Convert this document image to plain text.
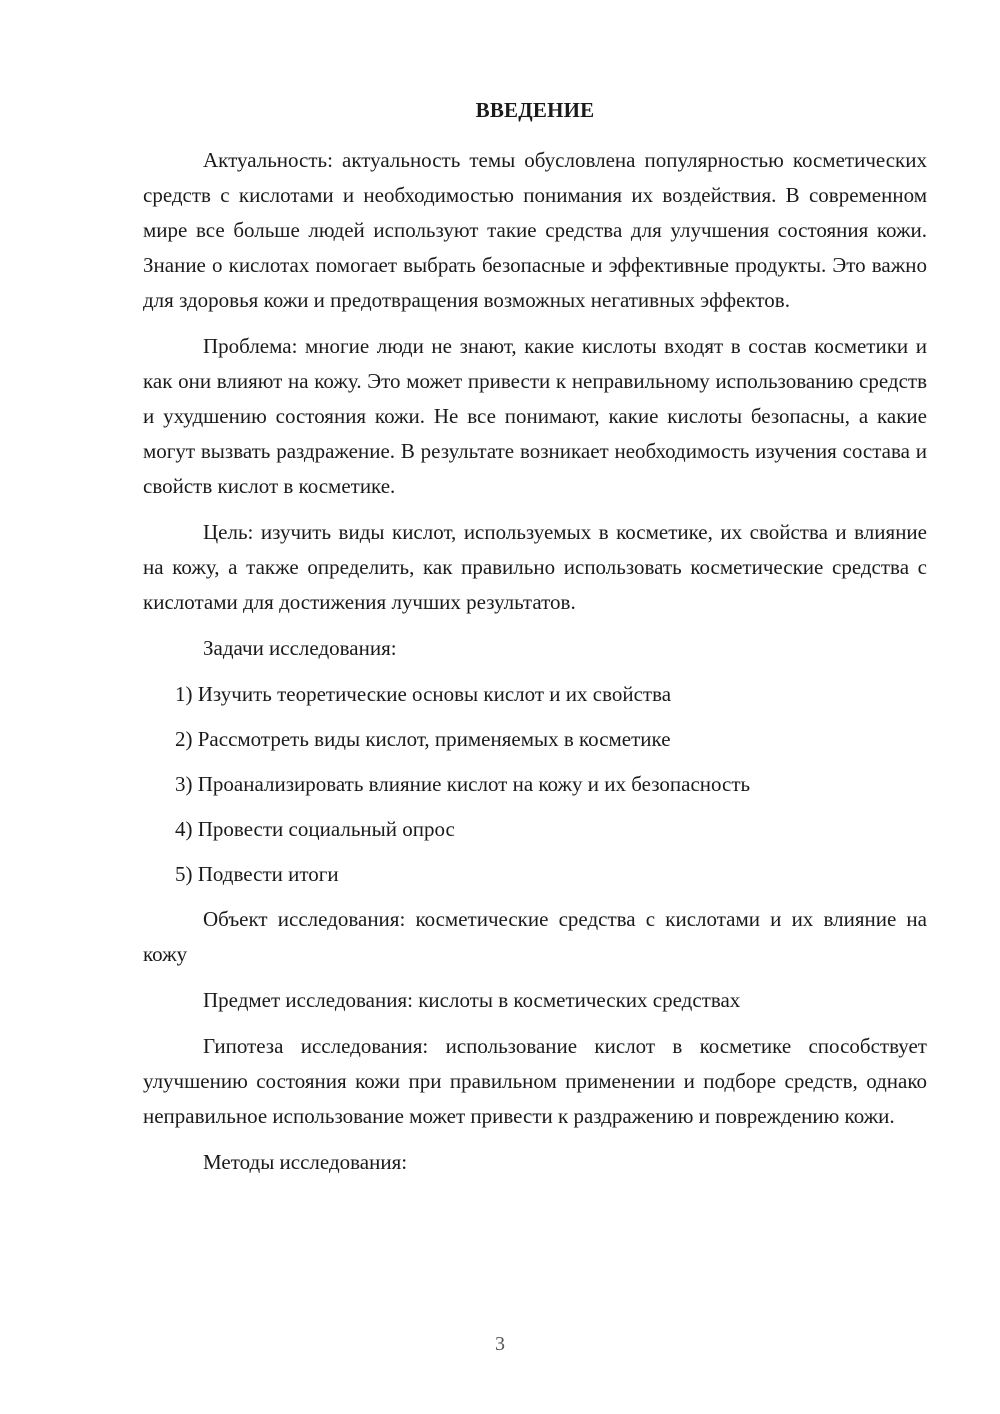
ВВЕДЕНИЕ

Актуальность: актуальность темы обусловлена популярностью косметических средств с кислотами и необходимостью понимания их воздействия. В современном мире все больше людей используют такие средства для улучшения состояния кожи. Знание о кислотах помогает выбрать безопасные и эффективные продукты. Это важно для здоровья кожи и предотвращения возможных негативных эффектов.

Проблема: многие люди не знают, какие кислоты входят в состав косметики и как они влияют на кожу. Это может привести к неправильному использованию средств и ухудшению состояния кожи. Не все понимают, какие кислоты безопасны, а какие могут вызвать раздражение. В результате возникает необходимость изучения состава и свойств кислот в косметике.

Цель: изучить виды кислот, используемых в косметике, их свойства и влияние на кожу, а также определить, как правильно использовать косметические средства с кислотами для достижения лучших результатов.

Задачи исследования:

1) Изучить теоретические основы кислот и их свойства

2) Рассмотреть виды кислот, применяемых в косметике

3) Проанализировать влияние кислот на кожу и их безопасность

4) Провести социальный опрос

5) Подвести итоги

Объект исследования: косметические средства с кислотами и их влияние на кожу

Предмет исследования: кислоты в косметических средствах

Гипотеза исследования: использование кислот в косметике способствует улучшению состояния кожи при правильном применении и подборе средств, однако неправильное использование может привести к раздражению и повреждению кожи.

Методы исследования:

3
